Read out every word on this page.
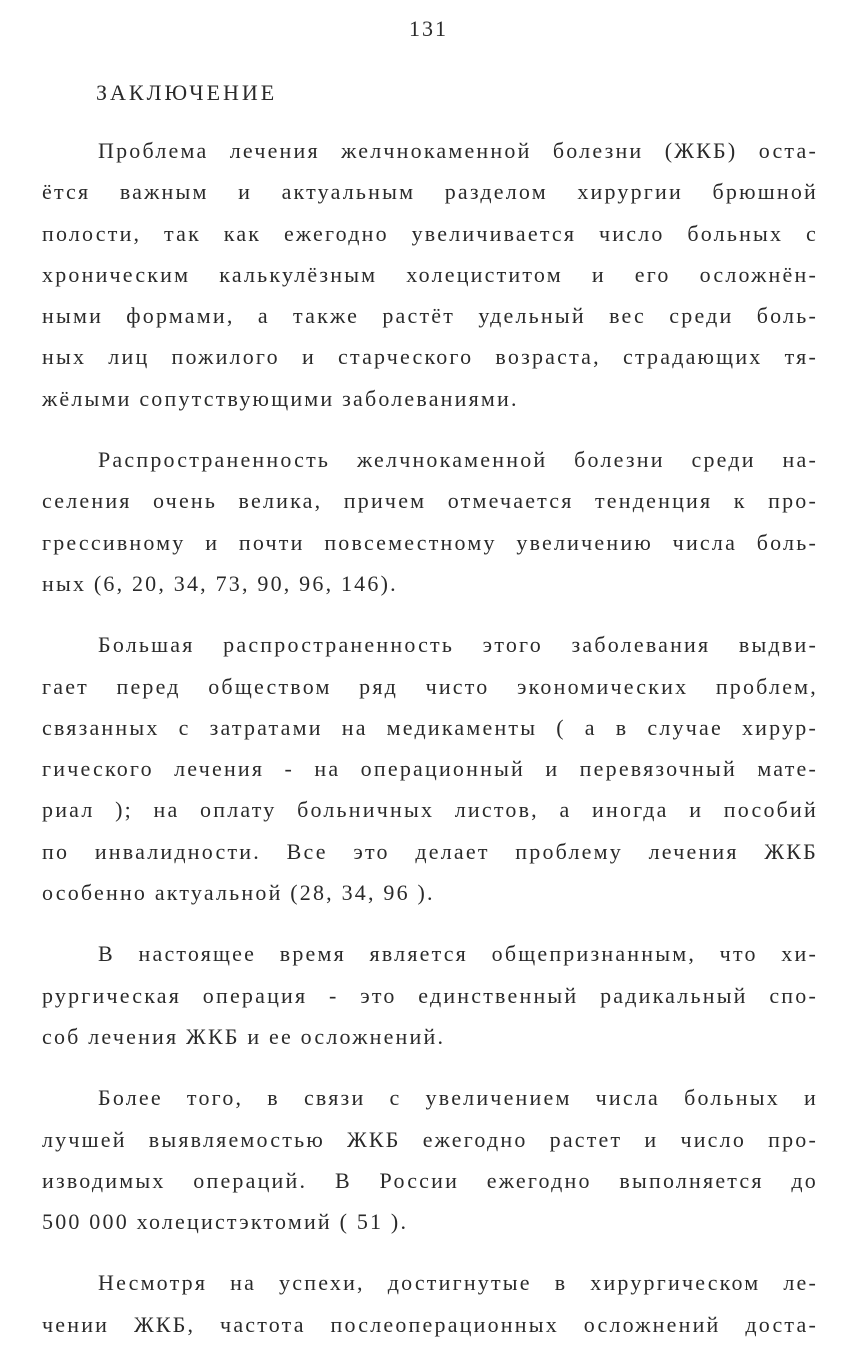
131
ЗАКЛЮЧЕНИЕ
Проблема лечения желчнокаменной болезни (ЖКБ) оста-
ётся важным и актуальным разделом хирургии брюшной
полости, так как ежегодно увеличивается число больных с
хроническим калькулёзным холециститом и его осложнён-
ными формами, а также растёт удельный вес среди боль-
ных лиц пожилого и старческого возраста, страдающих тя-
жёлыми сопутствующими заболеваниями.
Распространенность желчнокаменной болезни среди на-
селения очень велика, причем отмечается тенденция к про-
грессивному и почти повсеместному увеличению числа боль-
ных (6, 20, 34, 73, 90, 96, 146).
Большая распространенность этого заболевания выдви-
гает перед обществом ряд чисто экономических проблем,
связанных с затратами на медикаменты ( а в случае хирур-
гического лечения - на операционный и перевязочный мате-
риал ); на оплату больничных листов, а иногда и пособий
по инвалидности. Все это делает проблему лечения ЖКБ
особенно актуальной (28, 34, 96 ).
В настоящее время является общепризнанным, что хи-
рургическая операция - это единственный радикальный спо-
соб лечения ЖКБ и ее осложнений.
Более того, в связи с увеличением числа больных и
лучшей выявляемостью ЖКБ ежегодно растет и число про-
изводимых операций. В России ежегодно выполняется до
500 000 холецистэктомий ( 51 ).
Несмотря на успехи, достигнутые в хирургическом ле-
чении ЖКБ, частота послеоперационных осложнений доста-
